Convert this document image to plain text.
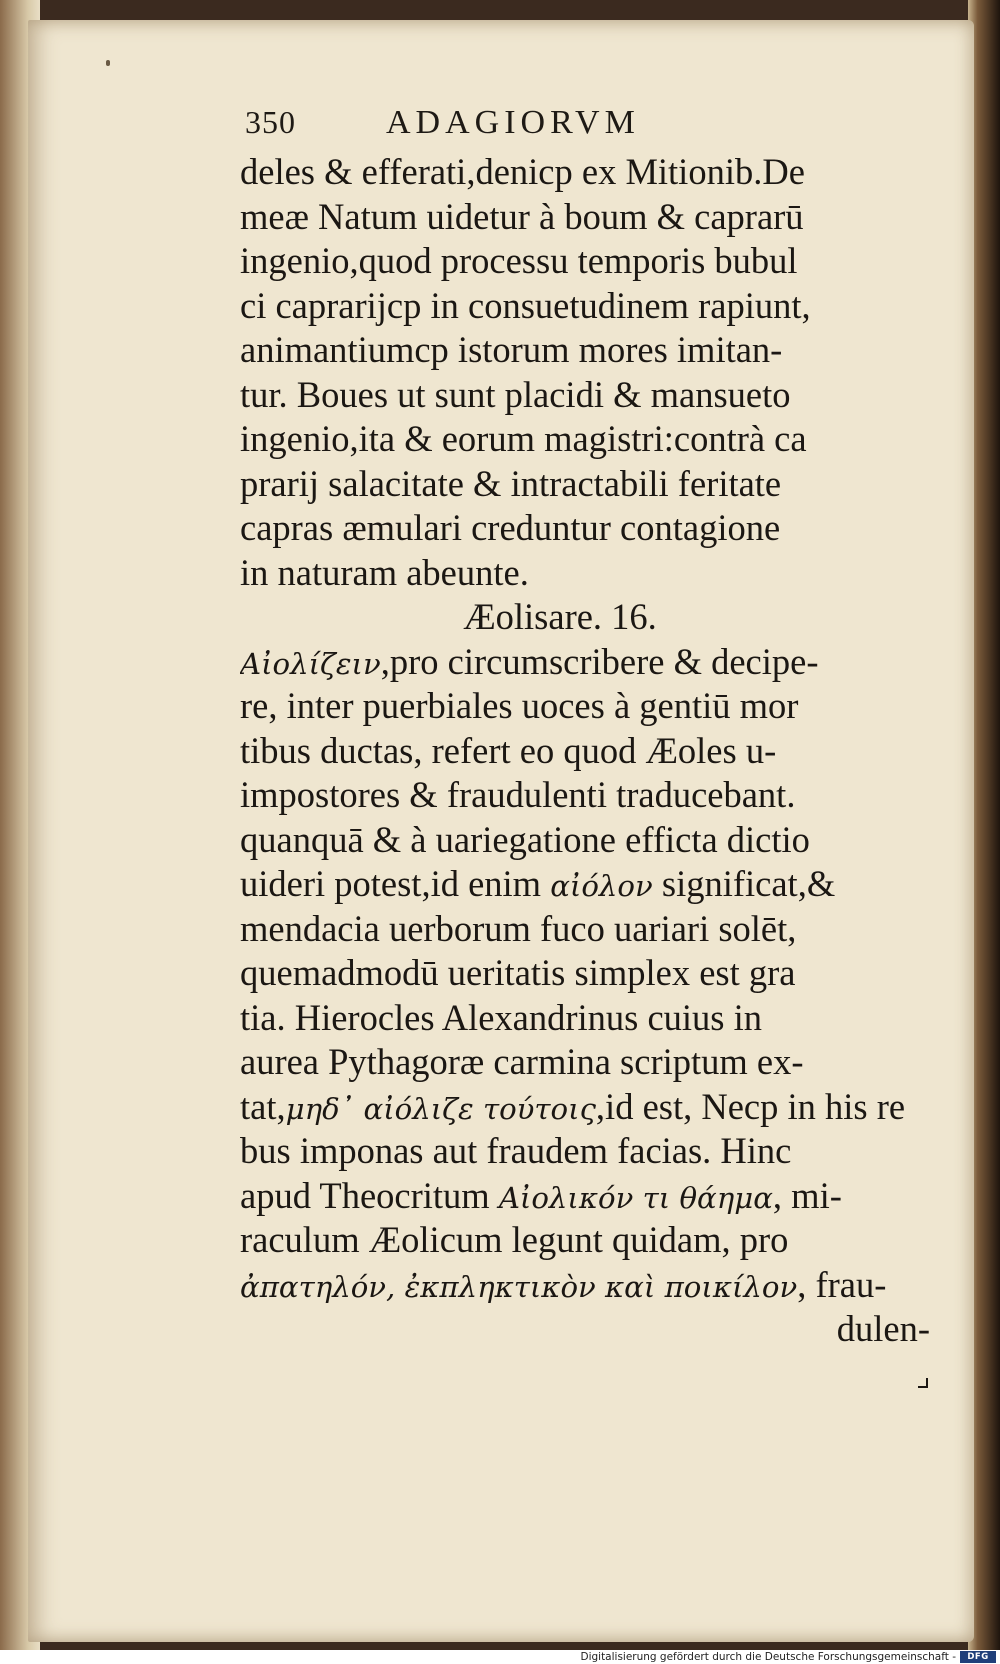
350	ADAGIORVM
deles & efferati,denicp ex Mitionib.De
meæ Natum uidetur à boum & caprarū
ingenio,quod processu temporis bubul
ci caprarijcp in consuetudinem rapiunt,
animantiumcp istorum mores imitan-
tur. Boues ut sunt placidi & mansueto
ingenio,ita & eorum magistri:contrà ca
prarij salacitate & intractabili feritate
capras æmulari creduntur contagione
in naturam abeunte.
Æolisare. 16.
Αἰολίζειν,pro circumscribere & decipe-
re, inter puerbiales uoces à gentiū mor
tibus ductas, refert eo quod Æoles u-
impostores & fraudulenti traducebant.
quanquā & à uariegatione efficta dictio
uideri potest,id enim αἰόλον significat,&
mendacia uerborum fuco uariari solēt,
quemadmodū ueritatis simplex est gra
tia. Hierocles Alexandrinus cuius in
aurea Pythagoræ carmina scriptum ex-
tat,μηδ᾽ αἰόλιζε τούτοις,id est, Necp in his re
bus imponas aut fraudem facias. Hinc
apud Theocritum Αἰολικόν τι θάημα, mi-
raculum Æolicum legunt quidam, pro
ἀπατηλόν, ἐκπληκτικὸν καὶ ποικίλον, frau-
dulen-
Digitalisierung gefördert durch die Deutsche Forschungsgemeinschaft -	DFG
